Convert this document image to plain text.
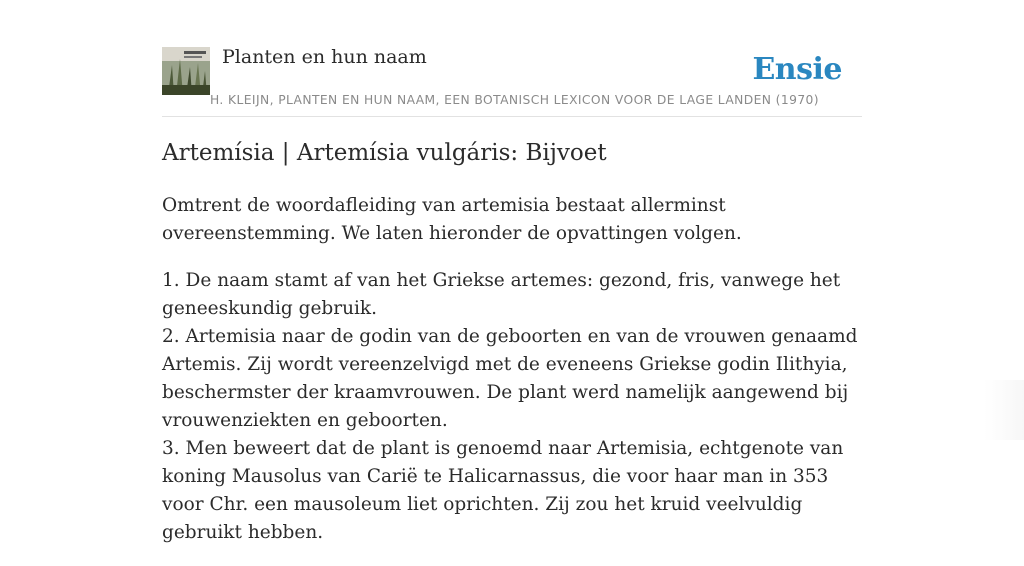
Planten en hun naam	Ensie
H. KLEIJN, PLANTEN EN HUN NAAM, EEN BOTANISCH LEXICON VOOR DE LAGE LANDEN (1970)
Artemísia | Artemísia vulgáris: Bijvoet

Omtrent de woordafleiding van artemisia bestaat allerminst overeenstemming. We laten hieronder de opvattingen volgen.

1. De naam stamt af van het Griekse artemes: gezond, fris, vanwege het geneeskundig gebruik.
2. Artemisia naar de godin van de geboorten en van de vrouwen genaamd Artemis. Zij wordt vereenzelvigd met de eveneens Griekse godin Ilithyia, beschermster der kraamvrouwen. De plant werd namelijk aangewend bij vrouwenziekten en geboorten.
3. Men beweert dat de plant is genoemd naar Artemisia, echtgenote van koning Mausolus van Carië te Halicarnassus, die voor haar man in 353 voor Chr. een mausoleum liet oprichten. Zij zou het kruid veelvuldig gebruikt hebben.
